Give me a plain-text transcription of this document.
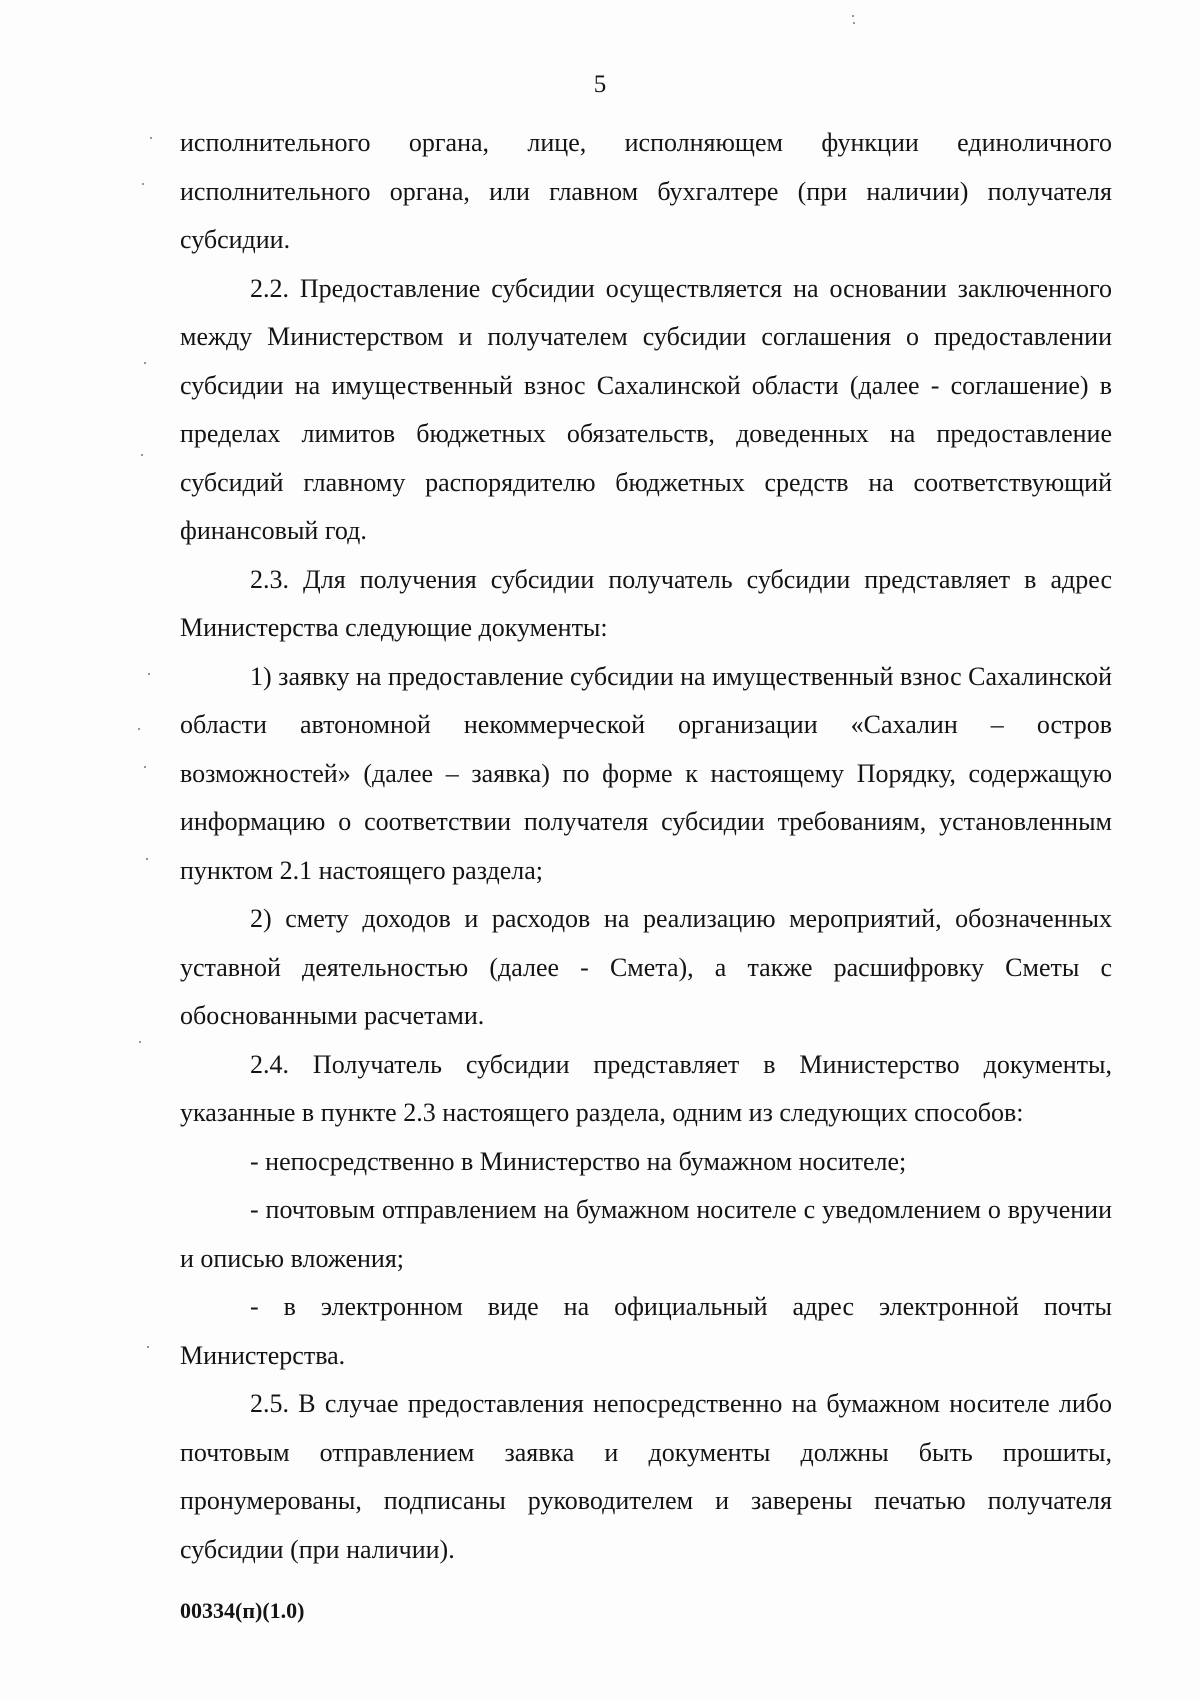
5

исполнительного органа, лице, исполняющем функции единоличного исполнительного органа, или главном бухгалтере (при наличии) получателя субсидии.

2.2. Предоставление субсидии осуществляется на основании заключенного между Министерством и получателем субсидии соглашения о предоставлении субсидии на имущественный взнос Сахалинской области (далее - соглашение) в пределах лимитов бюджетных обязательств, доведенных на предоставление субсидий главному распорядителю бюджетных средств на соответствующий финансовый год.

2.3. Для получения субсидии получатель субсидии представляет в адрес Министерства следующие документы:

1) заявку на предоставление субсидии на имущественный взнос Сахалинской области автономной некоммерческой организации «Сахалин – остров возможностей» (далее – заявка) по форме к настоящему Порядку, содержащую информацию о соответствии получателя субсидии требованиям, установленным пунктом 2.1 настоящего раздела;

2) смету доходов и расходов на реализацию мероприятий, обозначенных уставной деятельностью (далее - Смета), а также расшифровку Сметы с обоснованными расчетами.

2.4. Получатель субсидии представляет в Министерство документы, указанные в пункте 2.3 настоящего раздела, одним из следующих способов:

- непосредственно в Министерство на бумажном носителе;

- почтовым отправлением на бумажном носителе с уведомлением о вручении и описью вложения;

- в электронном виде на официальный адрес электронной почты Министерства.

2.5. В случае предоставления непосредственно на бумажном носителе либо почтовым отправлением заявка и документы должны быть прошиты, пронумерованы, подписаны руководителем и заверены печатью получателя субсидии (при наличии).

00334(п)(1.0)
